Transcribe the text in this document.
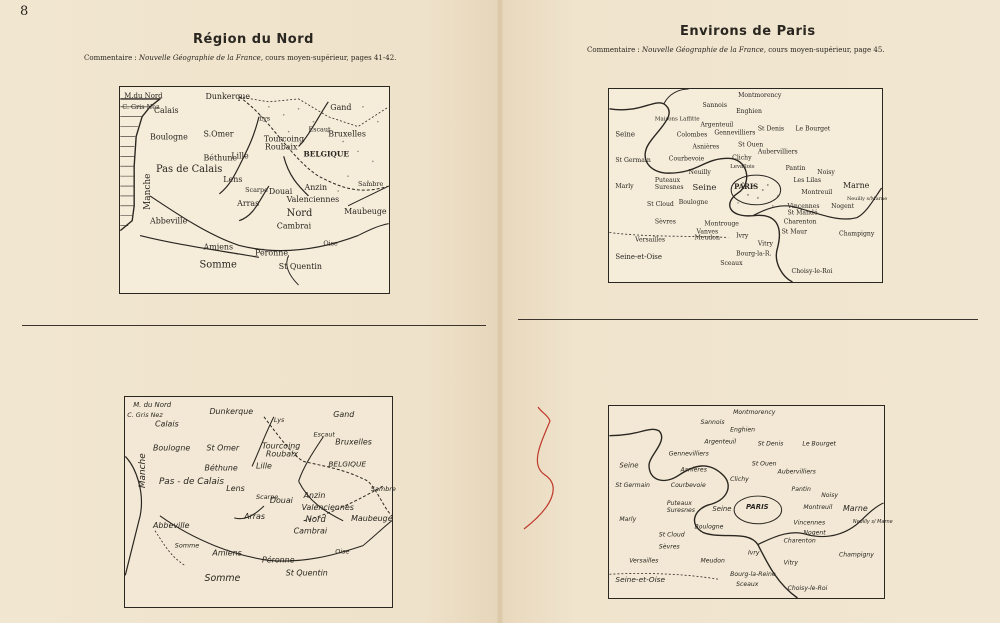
8
Région du Nord
Commentaire : Nouvelle Géographie de la France, cours moyen-supérieur, pages 41-42.
Environs de Paris
Commentaire : Nouvelle Géographie de la France, cours moyen-supérieur, page 45.
M.du Nord
C. Gris Nez
Calais
Dunkerque
Boulogne S.Omer
Tourcoing
Roubaix
Gand
Bruxelles
Lys
Escaut
Béthune
Lille	BELGIQUE
Pas de Calais
Lens
Douai Anzin
Valenciennes
Sambre
Scarpe
Arras
Nord	Maubeuge
Manche
Abbeville
Cambrai
Somme
Amiens	Oise
Péronne
St Quentin
M. du Nord
C. Gris Nez
Calais
Dunkerque
Lys
Gand
Boulogne St Omer	Tourcoing
Roubaix
Escaut
Bruxelles
Manche	Béthune Lille	BELGIQUE
Pas - de Calais
Lens
Douai
Anzin
Valenciennes
Sambre
Scarpe
Arras	Nord
Cambrai
Maubeuge
Abbeville
Somme
Amiens
Péronne
Oise
Somme
St Quentin
Montmorency
Sannois
Enghien
Maisons Laffitte
Argenteuil
Colombes Gennevilliers
St Denis Le Bourget
Seine
Asnières	St Ouen
Aubervilliers
St Germain	Courbevoie	Clichy
Levallois
Neuilly
Puteaux
Suresnes
Pantin
Noisy
Les Lilas
Montreuil
Seine	PARIS
Vincennes
St Mandé
Boulogne
Marly
St Cloud
Sèvres	Charenton
Marne
Nogent
Neuilly s/Marne
Montrouge
Vanves
Ivry
St Maur	Champigny
Versailles	Meudon
Vitry
Bourg-la-R.
Sceaux
Choisy-le-Roi
Seine-et-Oise
Montmorency
Sannois
Enghien
Argenteuil
Gennevilliers
St Denis	Le Bourget
Seine
Asnières
St Ouen
Aubervilliers
St Germain	Courbevoie
Clichy
Pantin
Noisy
Puteaux
Suresnes	Montreuil
Seine PARIS
Vincennes
Marne
Marly
Boulogne
St Cloud
Sèvres
Charenton
Nogent
Neuilly s/ Marne
Champigny
Versailles	Meudon
Ivry
Vitry
Bourg-la-Reine
Sceaux
Choisy-le-Roi
Seine-et-Oise
